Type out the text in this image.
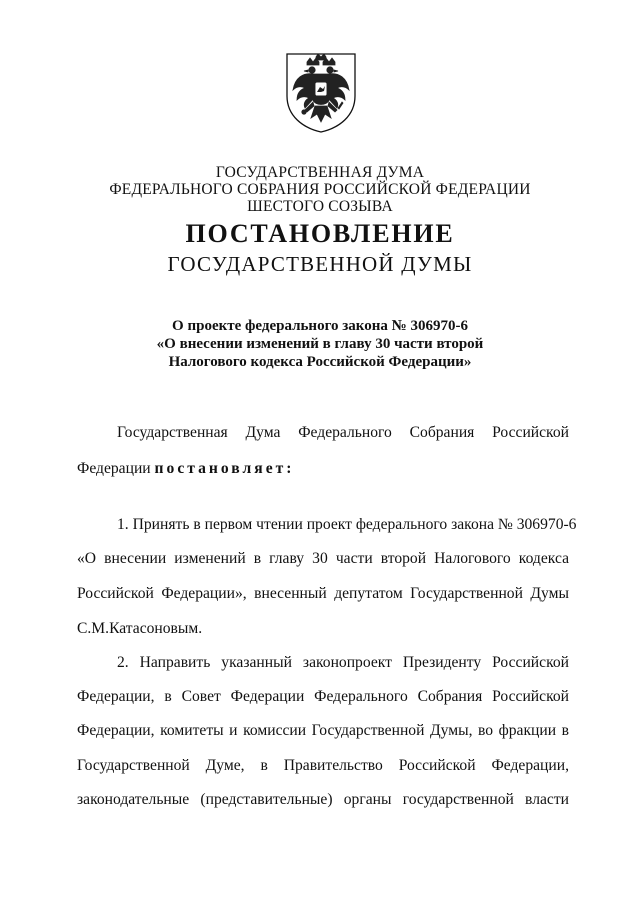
ГОСУДАРСТВЕННАЯ ДУМА
ФЕДЕРАЛЬНОГО СОБРАНИЯ РОССИЙСКОЙ ФЕДЕРАЦИИ
ШЕСТОГО СОЗЫВА
ПОСТАНОВЛЕНИЕ
ГОСУДАРСТВЕННОЙ ДУМЫ
О проекте федерального закона № 306970-6
«О внесении изменений в главу 30 части второй
Налогового кодекса Российской Федерации»
Государственная Дума Федерального Собрания Российской
Федерации постановляет:
1. Принять в первом чтении проект федерального закона № 306970-6
«О внесении изменений в главу 30 части второй Налогового кодекса
Российской Федерации», внесенный депутатом Государственной Думы
С.М.Катасоновым.
2. Направить указанный законопроект Президенту Российской
Федерации, в Совет Федерации Федерального Собрания Российской
Федерации, комитеты и комиссии Государственной Думы, во фракции в
Государственной Думе, в Правительство Российской Федерации,
законодательные (представительные) органы государственной власти
